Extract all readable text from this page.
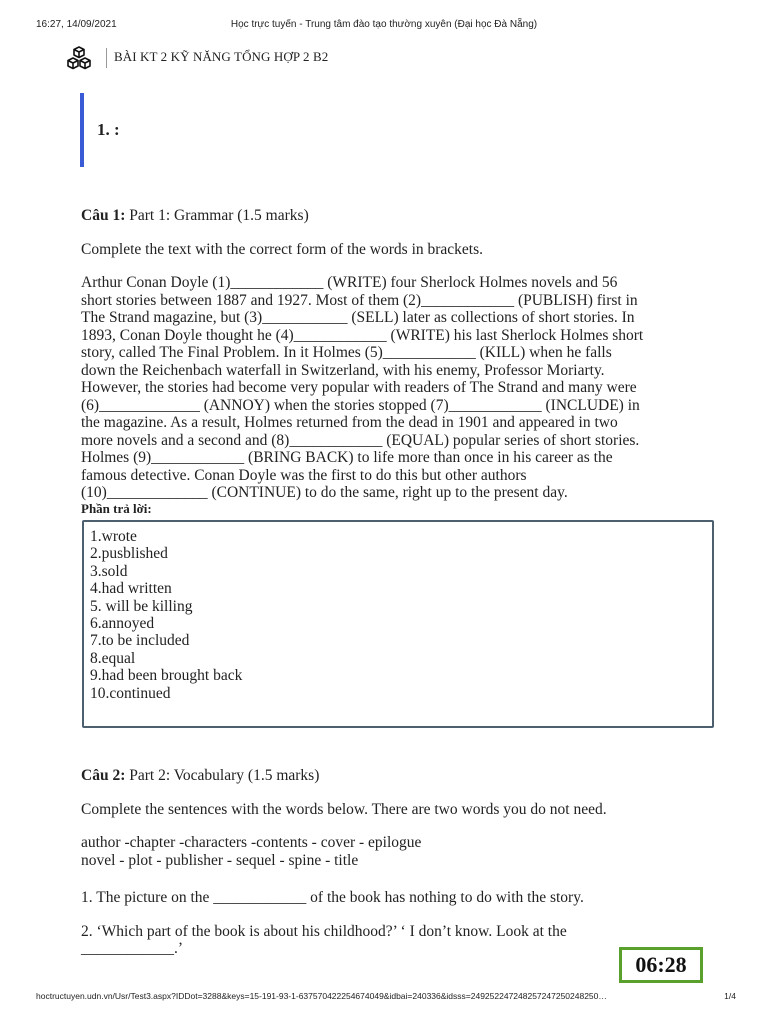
16:27, 14/09/2021	Học trực tuyến - Trung tâm đào tạo thường xuyên (Đại học Đà Nẵng)
BÀI KT 2 KỸ NĂNG TỔNG HỢP 2 B2
1. :

Câu 1: Part 1: Grammar (1.5 marks)

Complete the text with the correct form of the words in brackets.

Arthur Conan Doyle (1)____________ (WRITE) four Sherlock Holmes novels and 56
short stories between 1887 and 1927. Most of them (2)____________ (PUBLISH) first in
The Strand magazine, but (3)___________ (SELL) later as collections of short stories. In
1893, Conan Doyle thought he (4)____________ (WRITE) his last Sherlock Holmes short
story, called The Final Problem. In it Holmes (5)____________ (KILL) when he falls
down the Reichenbach waterfall in Switzerland, with his enemy, Professor Moriarty.
However, the stories had become very popular with readers of The Strand and many were
(6)_____________ (ANNOY) when the stories stopped (7)____________ (INCLUDE) in
the magazine. As a result, Holmes returned from the dead in 1901 and appeared in two
more novels and a second and (8)____________ (EQUAL) popular series of short stories.
Holmes (9)____________ (BRING BACK) to life more than once in his career as the
famous detective. Conan Doyle was the first to do this but other authors
(10)_____________ (CONTINUE) to do the same, right up to the present day.
Phần trả lời:
1.wrote
2.pusblished
3.sold
4.had written
5. will be killing
6.annoyed
7.to be included
8.equal
9.had been brought back
10.continued

Câu 2: Part 2: Vocabulary (1.5 marks)

Complete the sentences with the words below. There are two words you do not need.

author -chapter -characters -contents - cover - epilogue

novel - plot - publisher - sequel - spine - title

1. The picture on the ____________ of the book has nothing to do with the story.

2. ‘Which part of the book is about his childhood?’ ‘ I don’t know. Look at the

____________.’

06:28
hoctructuyen.udn.vn/Usr/Test3.aspx?IDDot=3288&keys=15-191-93-1-637570422254674049&idbai=240336&idsss=249252247248257247250248250…	1/4
